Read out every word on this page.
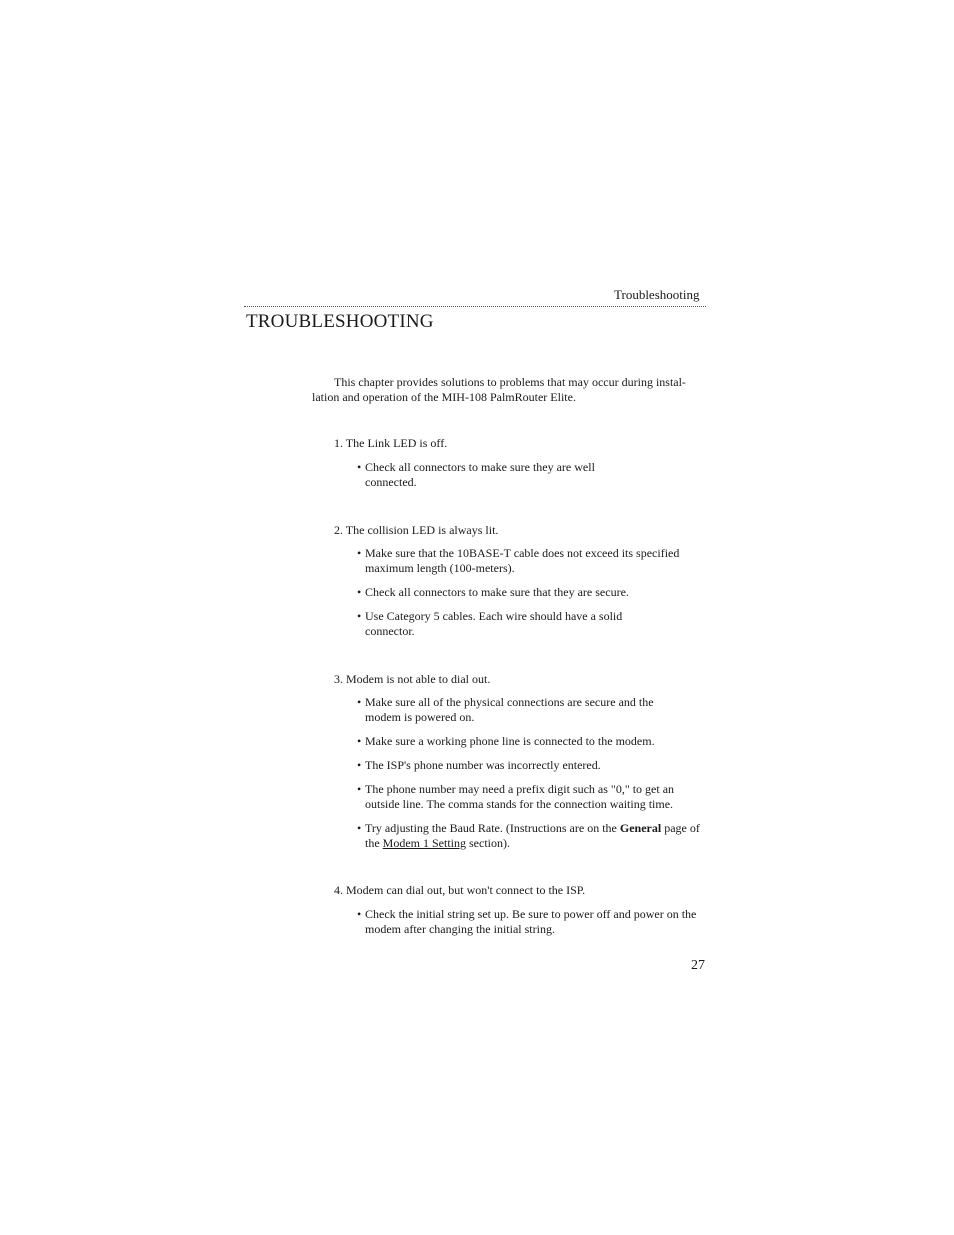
Troubleshooting
TROUBLESHOOTING
This chapter provides solutions to problems that may occur during instal-
lation and operation of the MIH-108 PalmRouter Elite.
1. The Link LED is off.
• Check all connectors to make sure they are well connected.
2. The collision LED is always lit.
• Make sure that the 10BASE-T cable does not exceed its specified maximum length (100-meters).
• Check all connectors to make sure that they are secure.
• Use Category 5 cables. Each wire should have a solid connector.
3. Modem is not able to dial out.
• Make sure all of the physical connections are secure and the modem is powered on.
• Make sure a working phone line is connected to the modem.
• The ISP's phone number was incorrectly entered.
• The phone number may need a prefix digit such as "0," to get an outside line. The comma stands for the connection waiting time.
• Try adjusting the Baud Rate. (Instructions are on the General page of the Modem 1 Setting section).
4. Modem can dial out, but won't connect to the ISP.
• Check the initial string set up. Be sure to power off and power on the modem after changing the initial string.
27
